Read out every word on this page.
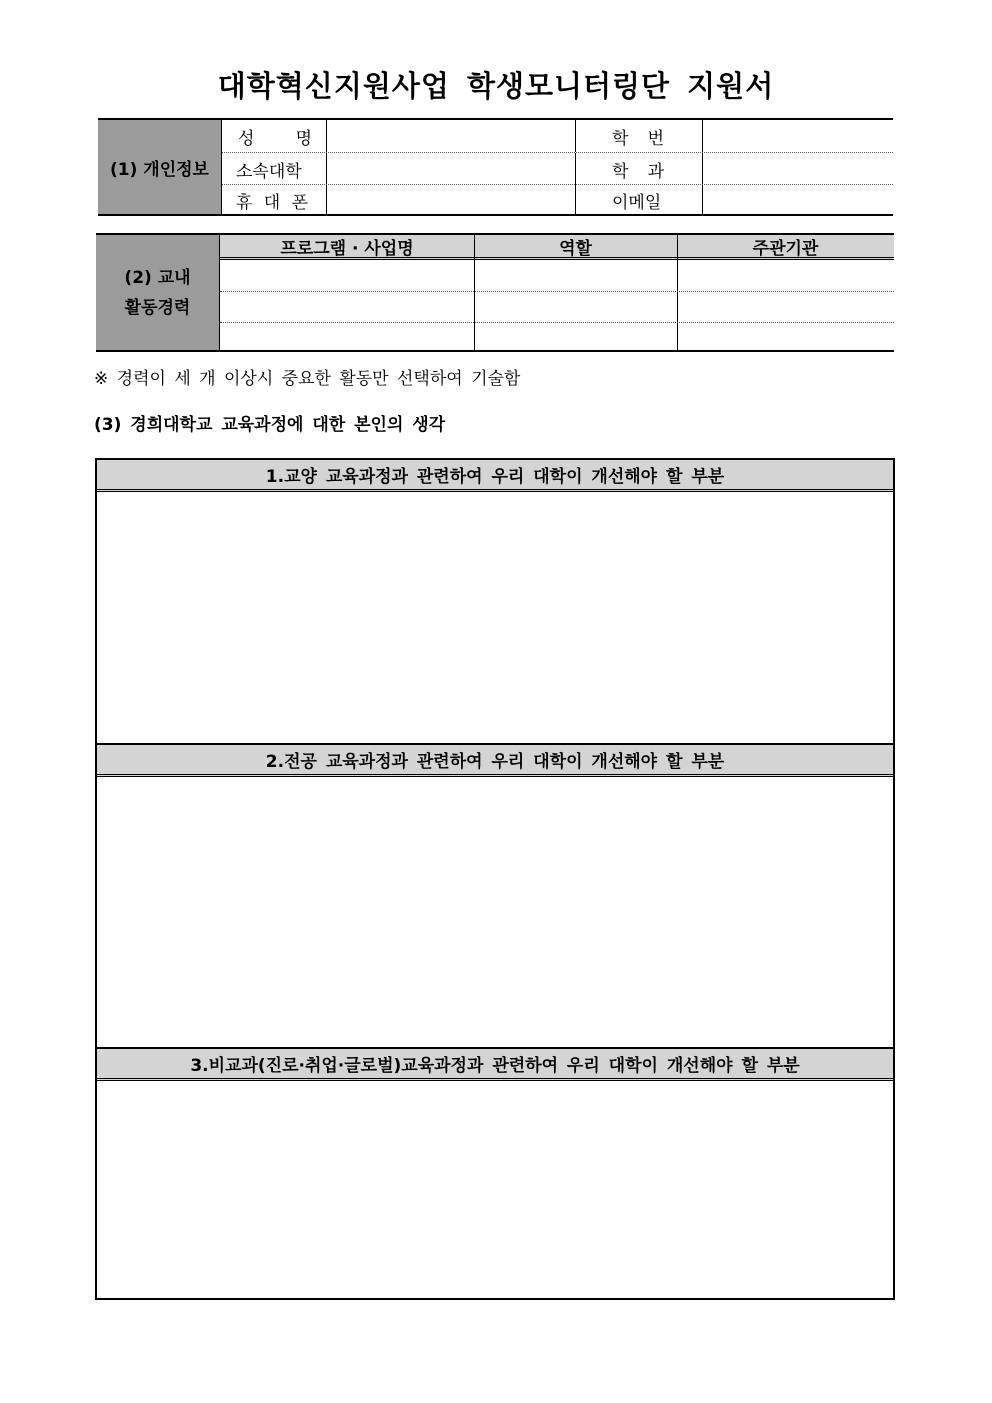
대학혁신지원사업 학생모니터링단 지원서
(1) 개인정보
성 명	학 번
소속대학	학 과
휴 대 폰	이메일
(2) 교내
활동경력
프로그램 · 사업명	역할	주관기관
※ 경력이 세 개 이상시 중요한 활동만 선택하여 기술함
(3) 경희대학교 교육과정에 대한 본인의 생각
1.교양 교육과정과 관련하여 우리 대학이 개선해야 할 부분
2.전공 교육과정과 관련하여 우리 대학이 개선해야 할 부분
3.비교과(진로·취업·글로벌)교육과정과 관련하여 우리 대학이 개선해야 할 부분
